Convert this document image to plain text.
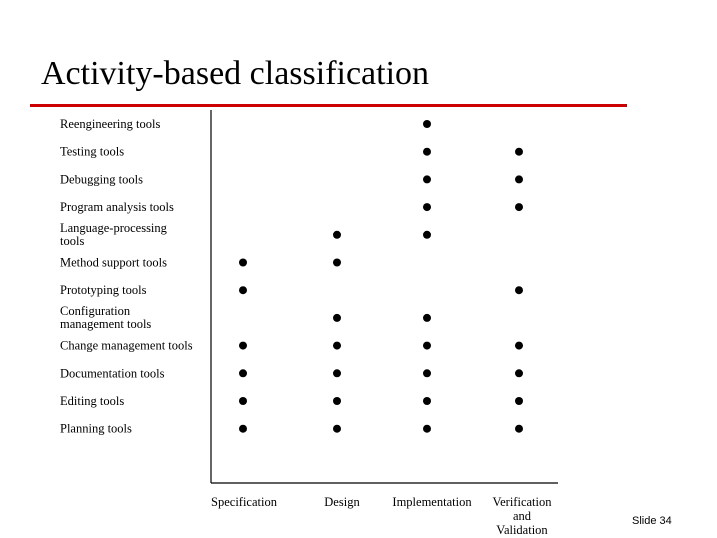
Activity-based classification
Reengineering tools
Testing tools
Debugging tools
Program analysis tools
Language-processing tools
Method support tools
Prototyping tools
Configuration management tools
Change management tools
Documentation tools
Editing tools
Planning tools
Specification	Design	Implementation Verification and Validation
Slide 34
